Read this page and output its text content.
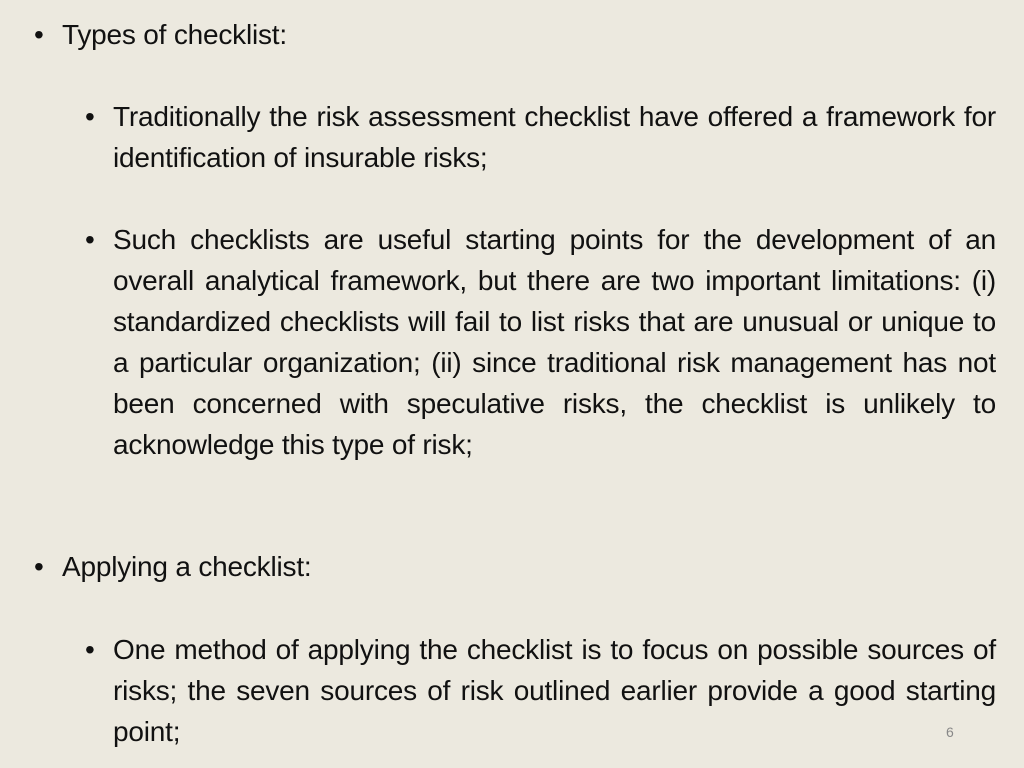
• Types of checklist:
• Traditionally the risk assessment checklist have offered a framework for identification of insurable risks;
• Such checklists are useful starting points for the development of an overall analytical framework, but there are two important limitations: (i) standardized checklists will fail to list risks that are unusual or unique to a particular organization; (ii) since traditional risk management has not been concerned with speculative risks, the checklist is unlikely to acknowledge this type of risk;
• Applying a checklist:
• One method of applying the checklist is to focus on possible sources of risks; the seven sources of risk outlined earlier provide a good starting point;	6
